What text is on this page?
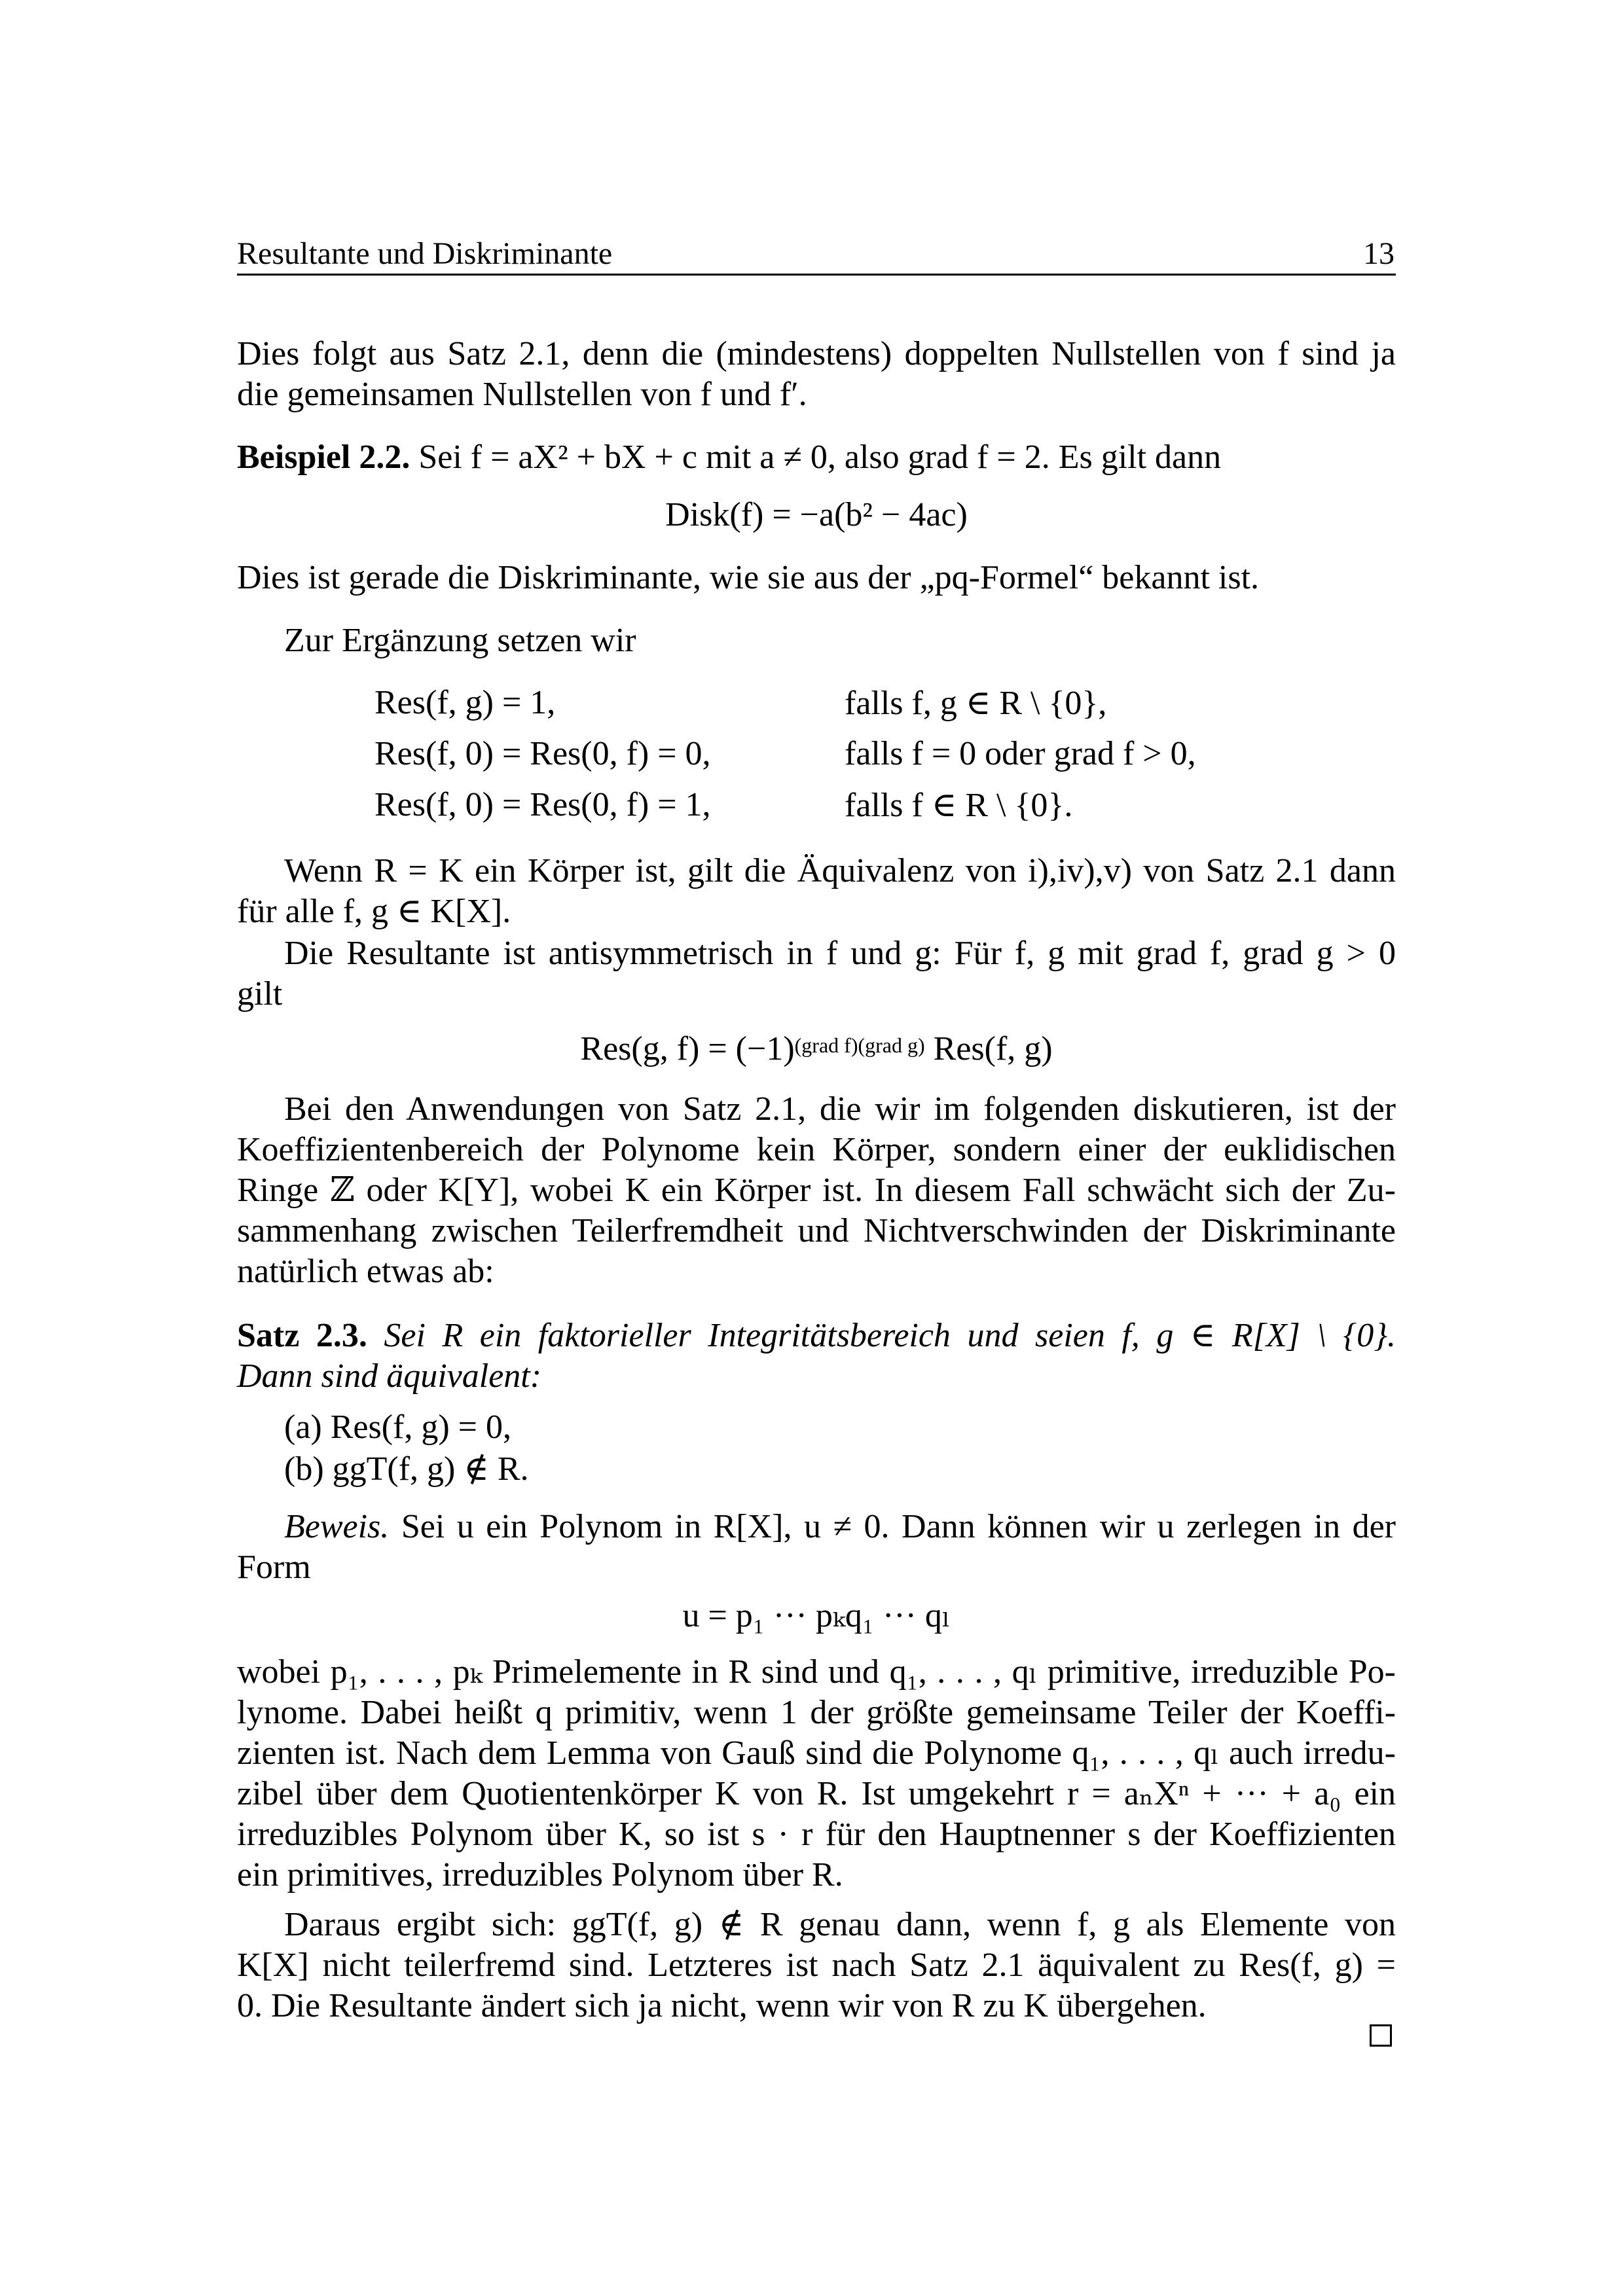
Resultante und Diskriminante	13
Dies folgt aus Satz 2.1, denn die (mindestens) doppelten Nullstellen von f sind ja
die gemeinsamen Nullstellen von f und f′.
Beispiel 2.2. Sei f = aX² + bX + c mit a ≠ 0, also grad f = 2. Es gilt dann
Disk(f) = −a(b² − 4ac)
Dies ist gerade die Diskriminante, wie sie aus der „pq-Formel“ bekannt ist.
Zur Ergänzung setzen wir
Res(f, g) = 1,	falls f, g ∈ R \ {0},
Res(f, 0) = Res(0, f) = 0,	falls f = 0 oder grad f > 0,
Res(f, 0) = Res(0, f) = 1,	falls f ∈ R \ {0}.
Wenn R = K ein Körper ist, gilt die Äquivalenz von i),iv),v) von Satz 2.1 dann
für alle f, g ∈ K[X].
Die Resultante ist antisymmetrisch in f und g: Für f, g mit grad f, grad g > 0
gilt
Res(g, $f) = (-1)^{(grad f)(grad g)}$ Res(f, g)
Bei den Anwendungen von Satz 2.1, die wir im folgenden diskutieren, ist der
Koeffizientenbereich der Polynome kein Körper, sondern einer der euklidischen
Ringe ℤ oder K[Y], wobei K ein Körper ist. In diesem Fall schwächt sich der Zu-
sammenhang zwischen Teilerfremdheit und Nichtverschwinden der Diskriminante
natürlich etwas ab:
Satz 2.3. Sei R ein faktorieller Integritätsbereich und seien f, g ∈ R[X] \ {0}.
Dann sind äquivalent:
(a) Res(f, g) = 0,
(b) ggT(f, g) ∉ R.
Beweis. Sei u ein Polynom in R[X], u ≠ 0. Dann können wir u zerlegen in der
Form
u = p₁ ··· pₖq₁ ··· qₗ
wobei p₁, . . . , pₖ Primelemente in R sind und q₁, . . . , qₗ primitive, irreduzible Po-
lynome. Dabei heißt q primitiv, wenn 1 der größte gemeinsame Teiler der Koeffi-
zienten ist. Nach dem Lemma von Gauß sind die Polynome q₁, . . . , qₗ auch irredu-
zibel über dem Quotientenkörper K von R. Ist umgekehrt r = aₙXⁿ + ··· + a₀ ein
irreduzibles Polynom über K, so ist s · r für den Hauptnenner s der Koeffizienten
ein primitives, irreduzibles Polynom über R.
Daraus ergibt sich: ggT(f, g) ∉ R genau dann, wenn f, g als Elemente von
K[X] nicht teilerfremd sind. Letzteres ist nach Satz 2.1 äquivalent zu Res(f, g) =
0. Die Resultante ändert sich ja nicht, wenn wir von R zu K übergehen.
